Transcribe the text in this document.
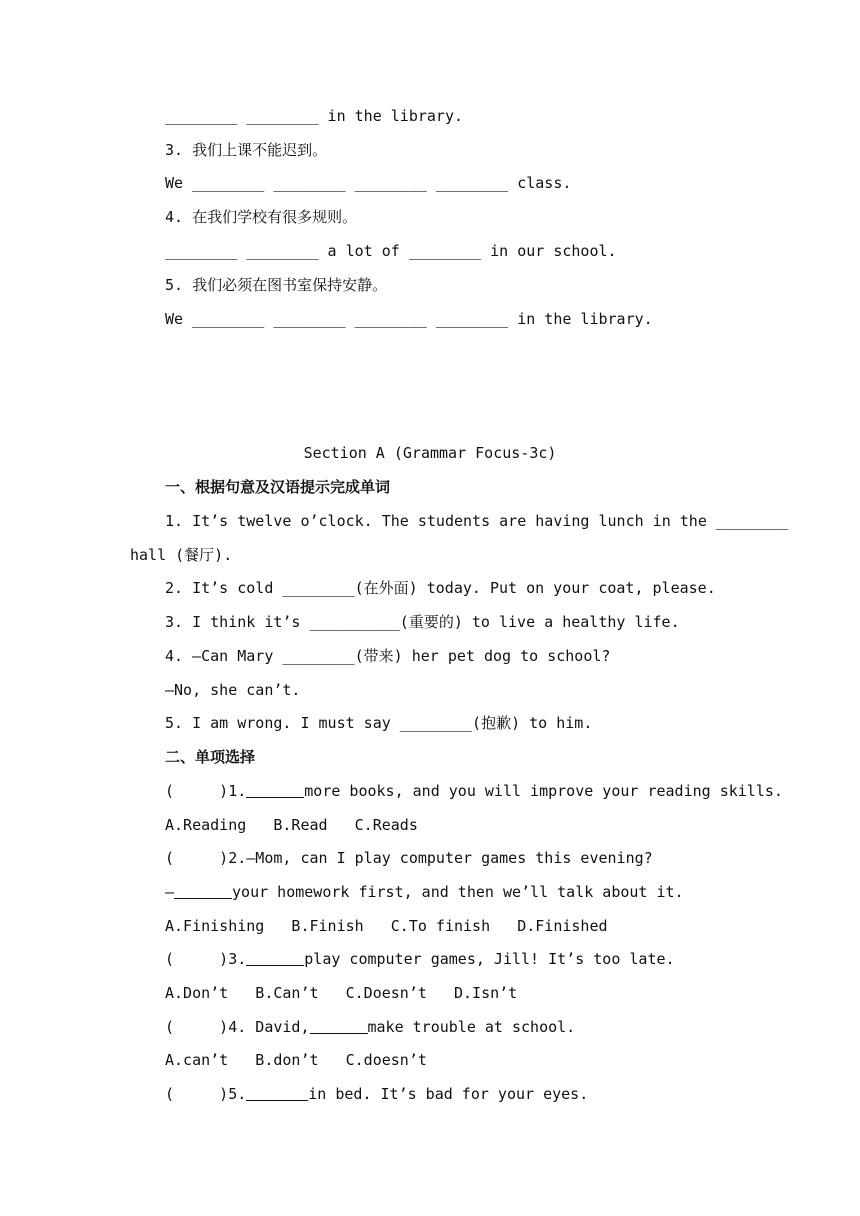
________ ________ in the library.
3. 我们上课不能迟到。
We ________ ________ ________ ________ class.
4. 在我们学校有很多规则。
________ ________ a lot of ________ in our school.
5. 我们必须在图书室保持安静。
We ________ ________ ________ ________ in the library.
Section A (Grammar Focus-3c)
一、根据句意及汉语提示完成单词
1. It’s twelve o’clock. The students are having lunch in the ________
hall (餐厅).
2. It’s cold ________(在外面) today. Put on your coat, please.
3. I think it’s __________(重要的) to live a healthy life.
4. —Can Mary ________(带来) her pet dog to school?
—No, she can’t.
5. I am wrong. I must say ________(抱歉) to him.
二、单项选择
(     )1.	more books, and you will improve your reading skills.
A.Reading   B.Read   C.Reads
(     )2.—Mom, can I play computer games this evening?
—	your homework first, and then we’ll talk about it.
A.Finishing   B.Finish   C.To finish   D.Finished
(     )3.	play computer games, Jill! It’s too late.
A.Don’t   B.Can’t   C.Doesn’t   D.Isn’t
(     )4. David,	make trouble at school.
A.can’t   B.don’t   C.doesn’t
(     )5.	in bed. It’s bad for your eyes.
